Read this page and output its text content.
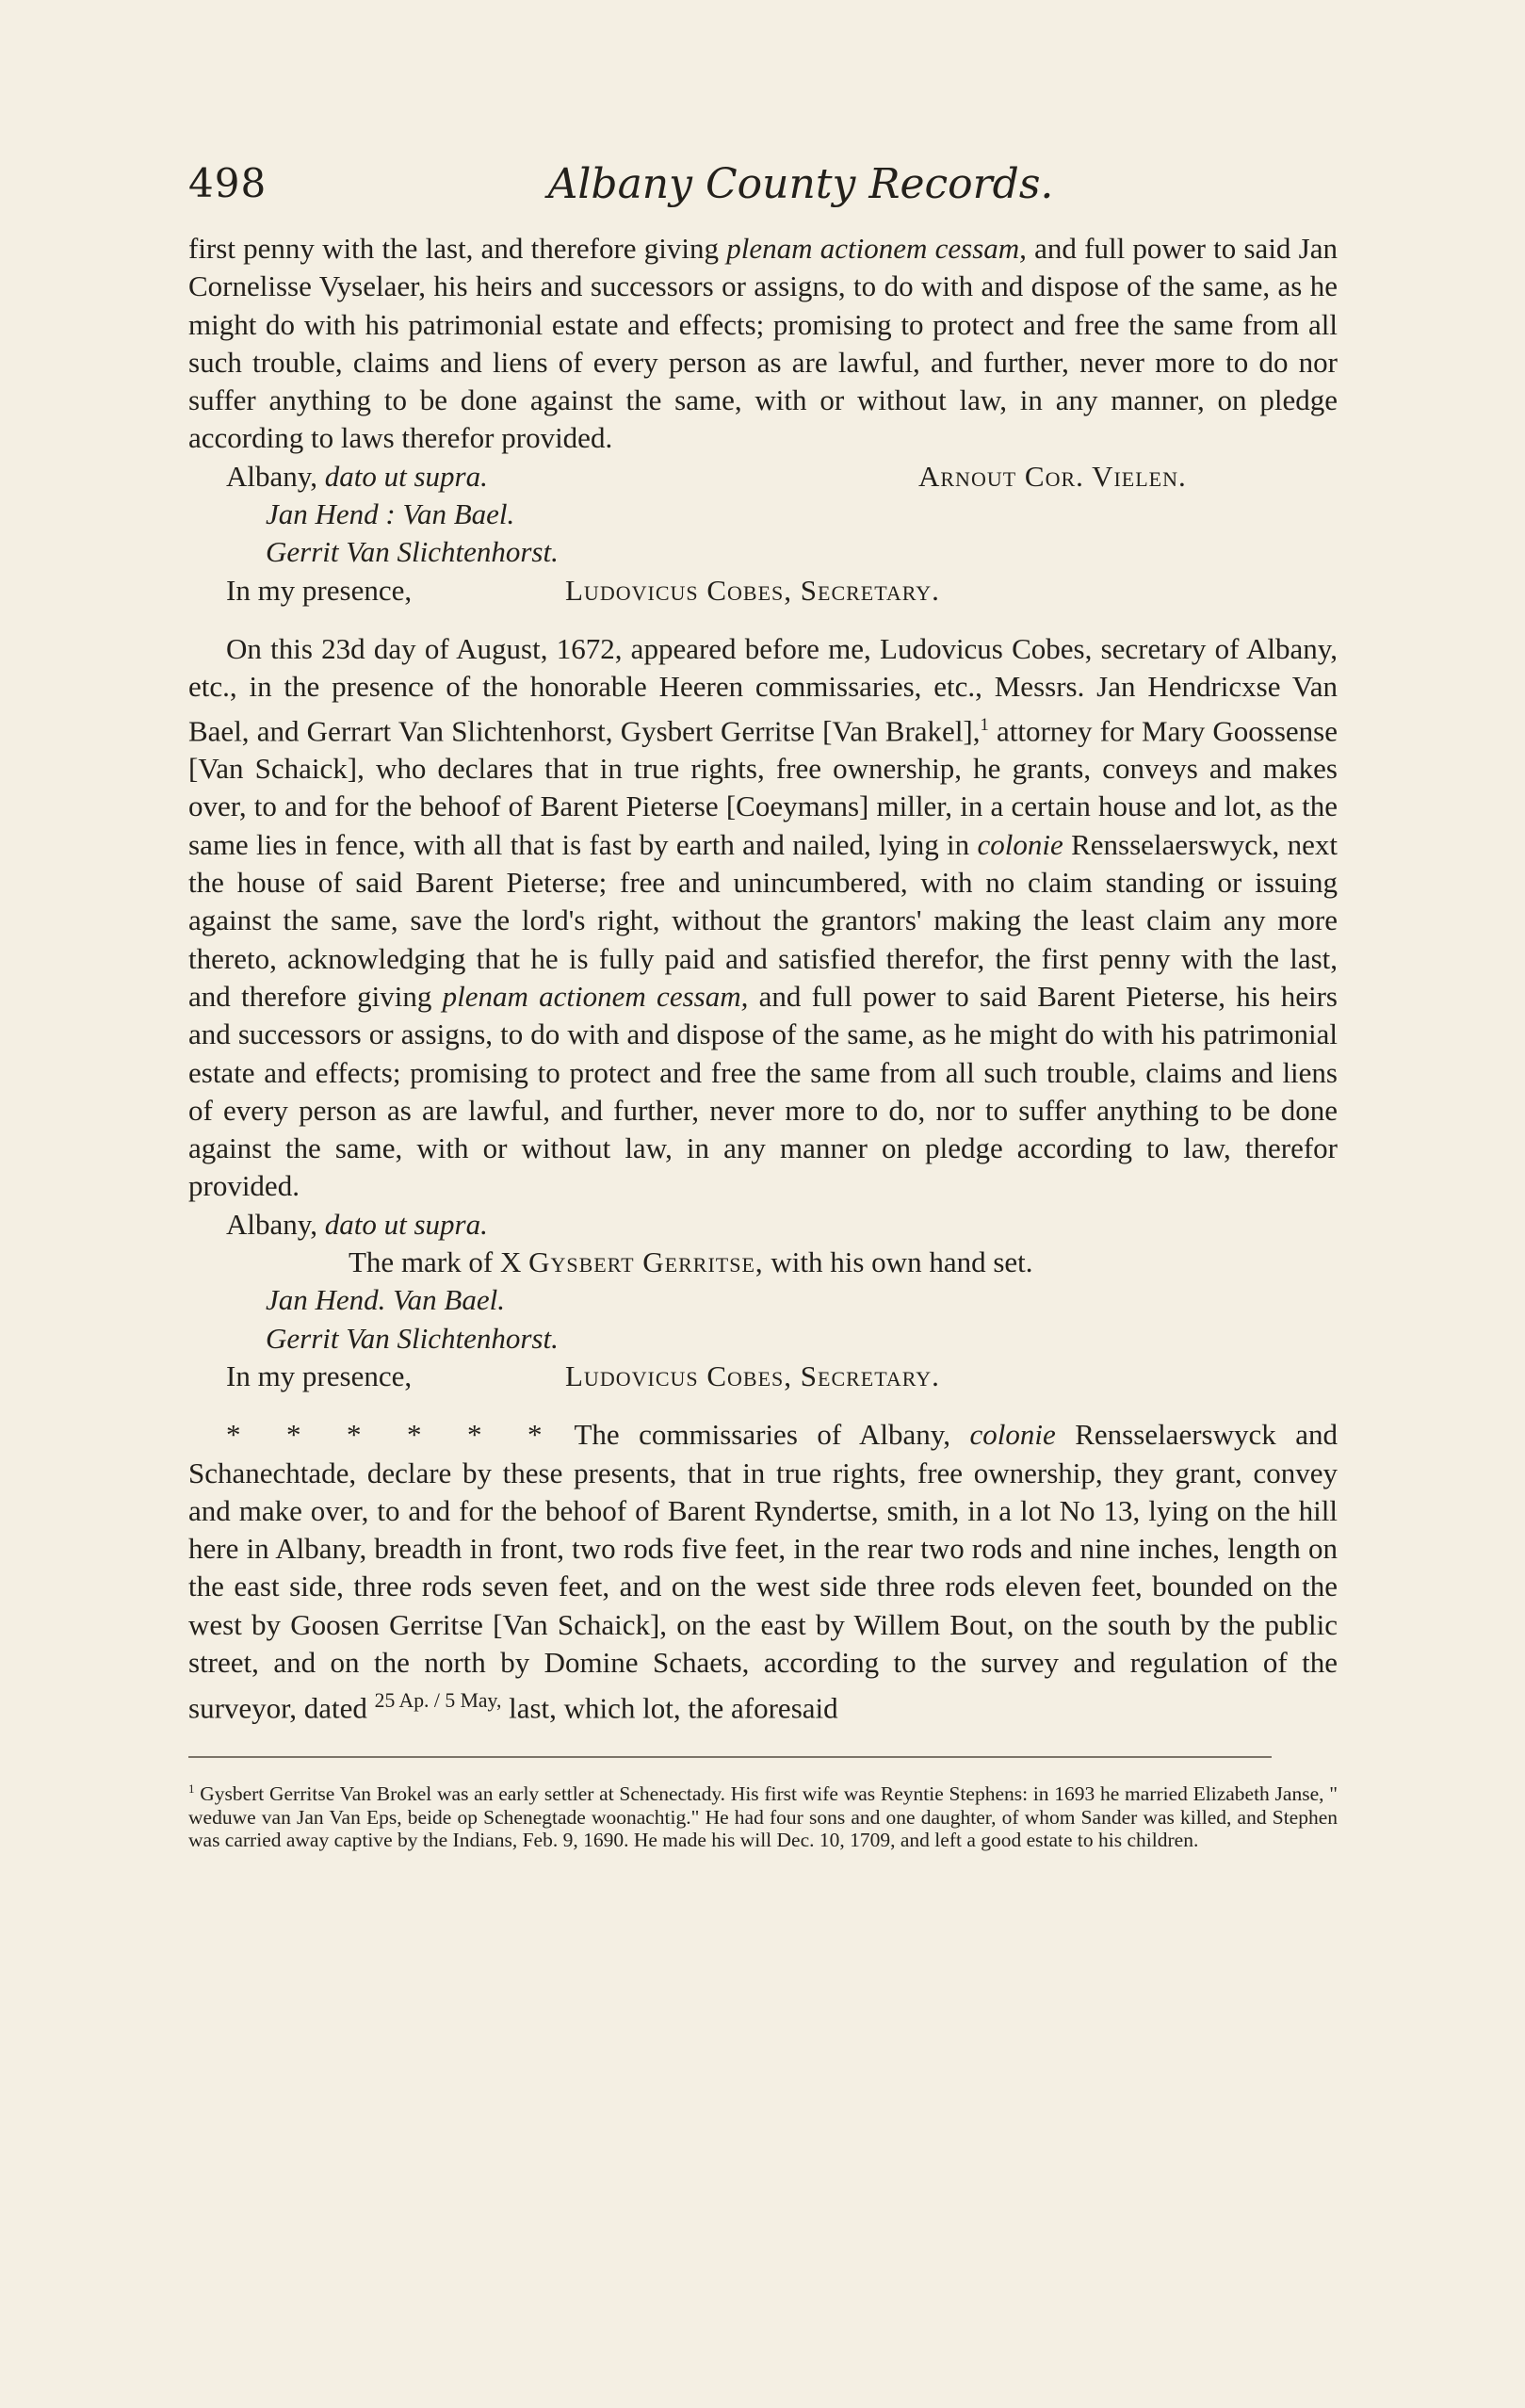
498	Albany County Records.

first penny with the last, and therefore giving plenam actionem cessam, and full power to said Jan Cornelisse Vyselaer, his heirs and successors or assigns, to do with and dispose of the same, as he might do with his patrimonial estate and effects; promising to protect and free the same from all such trouble, claims and liens of every person as are lawful, and further, never more to do nor suffer anything to be done against the same, with or without law, in any manner, on pledge according to laws therefor provided.

Albany, dato ut supra.	Arnout Cor. Vielen.
Jan Hend : Van Bael.
Gerrit Van Slichtenhorst.
In my presence,	Ludovicus Cobes, Secretary.

On this 23d day of August, 1672, appeared before me, Ludovicus Cobes, secretary of Albany, etc., in the presence of the honorable Heeren commissaries, etc., Messrs. Jan Hendricxse Van Bael, and Gerrart Van Slichtenhorst, Gysbert Gerritse [Van Brakel],$^1$ attorney for Mary Goossense [Van Schaick], who declares that in true rights, free ownership, he grants, conveys and makes over, to and for the behoof of Barent Pieterse [Coeymans] miller, in a certain house and lot, as the same lies in fence, with all that is fast by earth and nailed, lying in colonie Rensselaerswyck, next the house of said Barent Pieterse; free and unincumbered, with no claim standing or issuing against the same, save the lord's right, without the grantors' making the least claim any more thereto, acknowledging that he is fully paid and satisfied therefor, the first penny with the last, and therefore giving plenam actionem cessam, and full power to said Barent Pieterse, his heirs and successors or assigns, to do with and dispose of the same, as he might do with his patrimonial estate and effects; promising to protect and free the same from all such trouble, claims and liens of every person as are lawful, and further, never more to do, nor to suffer anything to be done against the same, with or without law, in any manner on pledge according to law, therefor provided.

Albany, dato ut supra.
The mark of X Gysbert Gerritse, with his own hand set.
Jan Hend. Van Bael.
Gerrit Van Slichtenhorst.
In my presence,	Ludovicus Cobes, Secretary.

* * * * * * The commissaries of Albany, colonie Rensselaerswyck and Schanechtade, declare by these presents, that in true rights, free ownership, they grant, convey and make over, to and for the behoof of Barent Ryndertse, smith, in a lot No 13, lying on the hill here in Albany, breadth in front, two rods five feet, in the rear two rods and nine inches, length on the east side, three rods seven feet, and on the west side three rods eleven feet, bounded on the west by Goosen Gerritse [Van Schaick], on the east by Willem Bout, on the south by the public street, and on the north by Domine Schaets, according to the survey and regulation of the surveyor, dated $^{25 Ap. / 5 May,}$ last, which lot, the aforesaid

$^1$ Gysbert Gerritse Van Brokel was an early settler at Schenectady. His first wife was Reyntie Stephens: in 1693 he married Elizabeth Janse, " weduwe van Jan Van Eps, beide op Schenegtade woonachtig." He had four sons and one daughter, of whom Sander was killed, and Stephen was carried away captive by the Indians, Feb. 9, 1690. He made his will Dec. 10, 1709, and left a good estate to his children.
